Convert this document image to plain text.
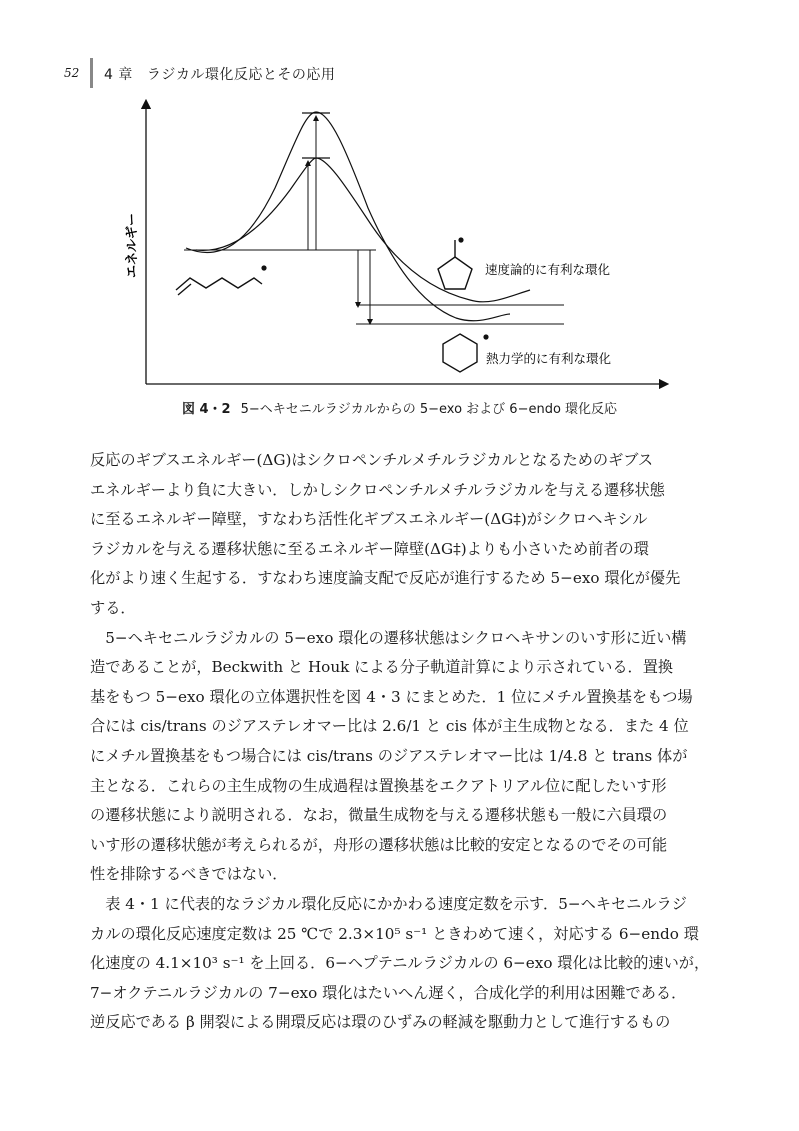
52 4 章 ラジカル環化反応とその応用
エネルギー	速度論的に有利な環化
熱力学的に有利な環化
図 4・2 5−ヘキセニルラジカルからの 5−exo および 6−endo 環化反応

反応のギブスエネルギー(ΔG)はシクロペンチルメチルラジカルとなるためのギブス
エネルギーより負に大きい．しかしシクロペンチルメチルラジカルを与える遷移状態
に至るエネルギー障壁，すなわち活性化ギブスエネルギー(ΔG‡)がシクロヘキシル
ラジカルを与える遷移状態に至るエネルギー障壁(ΔG‡)よりも小さいため前者の環
化がより速く生起する．すなわち速度論支配で反応が進行するため 5−exo 環化が優先
する．

5−ヘキセニルラジカルの 5−exo 環化の遷移状態はシクロヘキサンのいす形に近い構
造であることが，Beckwith と Houk による分子軌道計算により示されている．置換
基をもつ 5−exo 環化の立体選択性を図 4・3 にまとめた．1 位にメチル置換基をもつ場
合には cis/trans のジアステレオマー比は 2.6/1 と cis 体が主生成物となる．また 4 位
にメチル置換基をもつ場合には cis/trans のジアステレオマー比は 1/4.8 と trans 体が
主となる．これらの主生成物の生成過程は置換基をエクアトリアル位に配したいす形
の遷移状態により説明される．なお，微量生成物を与える遷移状態も一般に六員環の
いす形の遷移状態が考えられるが，舟形の遷移状態は比較的安定となるのでその可能
性を排除するべきではない．

表 4・1 に代表的なラジカル環化反応にかかわる速度定数を示す．5−ヘキセニルラジ
カルの環化反応速度定数は 25 ℃で 2.3×10⁵ s⁻¹ ときわめて速く，対応する 6−endo 環
化速度の 4.1×10³ s⁻¹ を上回る．6−ヘプテニルラジカルの 6−exo 環化は比較的速いが，
7−オクテニルラジカルの 7−exo 環化はたいへん遅く，合成化学的利用は困難である．
逆反応である β 開裂による開環反応は環のひずみの軽減を駆動力として進行するもの
